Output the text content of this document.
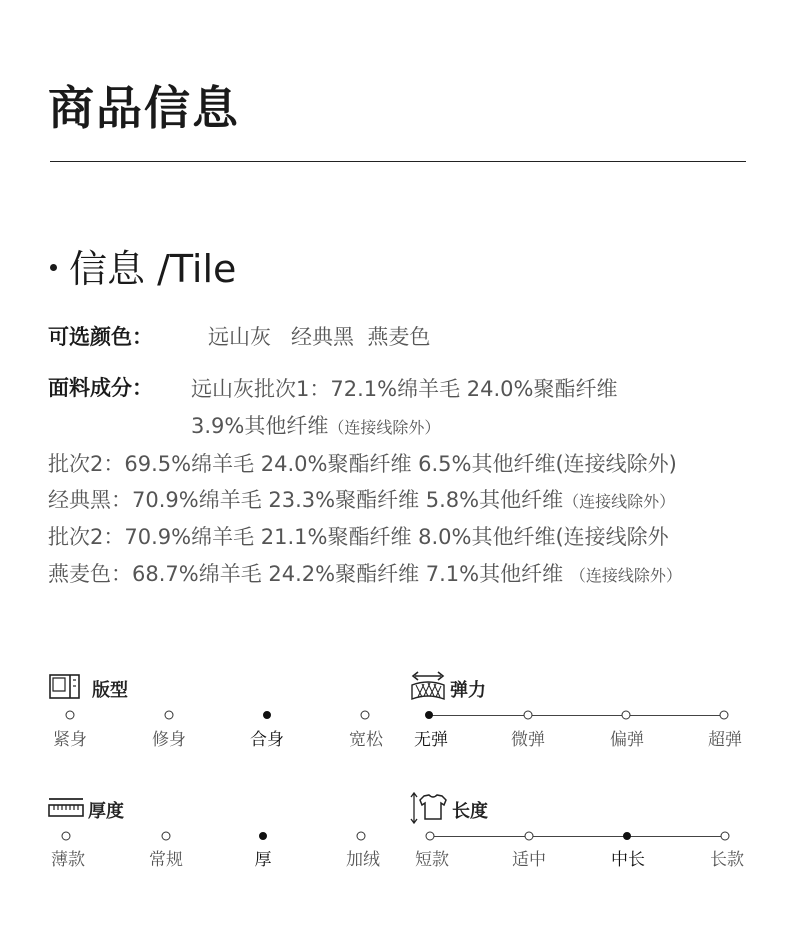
商品信息
信息 /Tile
可选颜色：	远山灰   经典黑  燕麦色
面料成分： 远山灰批次1：72.1%绵羊毛 24.0%聚酯纤维
3.9%其他纤维（连接线除外）
批次2：69.5%绵羊毛 24.0%聚酯纤维 6.5%其他纤维(连接线除外)
经典黑：70.9%绵羊毛 23.3%聚酯纤维 5.8%其他纤维（连接线除外）
批次2：70.9%绵羊毛 21.1%聚酯纤维 8.0%其他纤维(连接线除外
燕麦色：68.7%绵羊毛 24.2%聚酯纤维 7.1%其他纤维 （连接线除外）
版型
紧身	修身	合身	宽松
弹力
无弹	微弹	偏弹	超弹
厚度
薄款	常规	厚	加绒
长度
短款	适中	中长	长款
